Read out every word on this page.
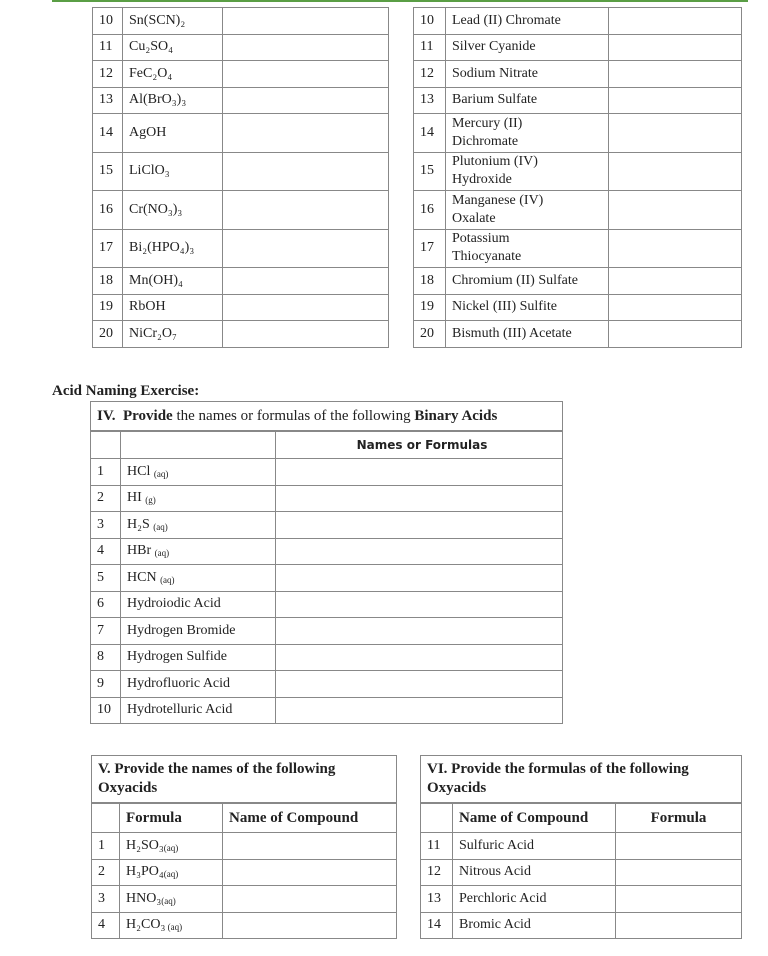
10	Sn(SCN)₂	
11	Cu₂SO₄	
12	FeC₂O₄	
13	Al(BrO₃)₃	
14	AgOH	
15	LiClO₃	
16	Cr(NO₃)₃	
17	Bi₂(HPO₄)₃	
18	Mn(OH)₄	
19	RbOH	
20	NiCr₂O₇	
10	Lead (II) Chromate	
11	Silver Cyanide	
12	Sodium Nitrate	
13	Barium Sulfate	
14	Mercury (II)
Dichromate	

15	Plutonium (IV)
Hydroxide	

16	Manganese (IV)
Oxalate	

17	Potassium
Thiocyanate	

18	Chromium (II) Sulfate	
19	Nickel (III) Sulfite	
20	Bismuth (III) Acetate	
Acid Naming Exercise:
IV. Provide the names or formulas of the following Binary Acids		
		Names or Formulas
1	HCl $_{(aq)}$	
2	HI $_{(g)}$	
3	H₂S $_{(aq)}$	
4	HBr $_{(aq)}$	
5	HCN $_{(aq)}$	
6	Hydroiodic Acid	
7	Hydrogen Bromide	
8	Hydrogen Sulfide	
9	Hydrofluoric Acid	
10	Hydrotelluric Acid	
V. Provide the names of the following
Oxyacids		

	Formula	Name of Compound
1	$H_2SO_3_{(aq)}$	
2	$H_3PO_4_{(aq)}$	
3	$HNO_3_{(aq)}$	
4	H₂CO₃ $_{(aq)}$	
VI. Provide the formulas of the following
Oxyacids		

	Name of Compound	Formula
11	Sulfuric Acid	
12	Nitrous Acid	
13	Perchloric Acid	
14	Bromic Acid	
